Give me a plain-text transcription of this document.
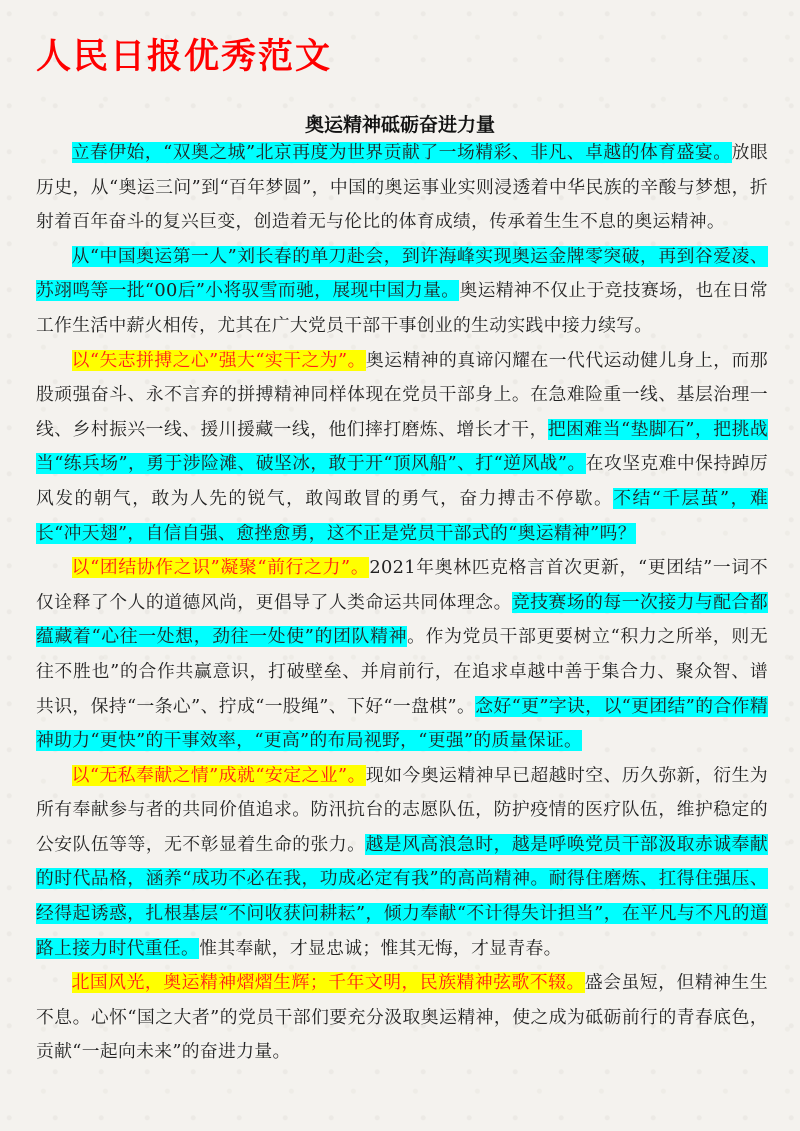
人民日报优秀范文
奥运精神砥砺奋进力量

立春伊始，“双奥之城”北京再度为世界贡献了一场精彩、非凡、卓越的体育盛宴。放眼历史，从“奥运三问”到“百年梦圆”，中国的奥运事业实则浸透着中华民族的辛酸与梦想，折射着百年奋斗的复兴巨变，创造着无与伦比的体育成绩，传承着生生不息的奥运精神。

从“中国奥运第一人”刘长春的单刀赴会，到许海峰实现奥运金牌零突破，再到谷爱凌、苏翊鸣等一批“00后”小将驭雪而驰，展现中国力量。奥运精神不仅止于竞技赛场，也在日常工作生活中薪火相传，尤其在广大党员干部干事创业的生动实践中接力续写。

以“矢志拼搏之心”强大“实干之为”。奥运精神的真谛闪耀在一代代运动健儿身上，而那股顽强奋斗、永不言弃的拼搏精神同样体现在党员干部身上。在急难险重一线、基层治理一线、乡村振兴一线、援川援藏一线，他们摔打磨炼、增长才干，把困难当“垫脚石”，把挑战当“练兵场”，勇于涉险滩、破坚冰，敢于开“顶风船”、打“逆风战”。在攻坚克难中保持踔厉风发的朝气，敢为人先的锐气，敢闯敢冒的勇气，奋力搏击不停歇。不结“千层茧”，难长“冲天翅”，自信自强、愈挫愈勇，这不正是党员干部式的“奥运精神”吗？

以“团结协作之识”凝聚“前行之力”。2021年奥林匹克格言首次更新，“更团结”一词不仅诠释了个人的道德风尚，更倡导了人类命运共同体理念。竞技赛场的每一次接力与配合都蕴藏着“心往一处想，劲往一处使”的团队精神。作为党员干部更要树立“积力之所举，则无往不胜也”的合作共赢意识，打破壁垒、并肩前行，在追求卓越中善于集合力、聚众智、谱共识，保持“一条心”、拧成“一股绳”、下好“一盘棋”。念好“更”字诀，以“更团结”的合作精神助力“更快”的干事效率，“更高”的布局视野，“更强”的质量保证。

以“无私奉献之情”成就“安定之业”。现如今奥运精神早已超越时空、历久弥新，衍生为所有奉献参与者的共同价值追求。防汛抗台的志愿队伍，防护疫情的医疗队伍，维护稳定的公安队伍等等，无不彰显着生命的张力。越是风高浪急时，越是呼唤党员干部汲取赤诚奉献的时代品格，涵养“成功不必在我，功成必定有我”的高尚精神。耐得住磨炼、扛得住强压、经得起诱惑，扎根基层“不问收获问耕耘”，倾力奉献“不计得失计担当”，在平凡与不凡的道路上接力时代重任。惟其奉献，才显忠诚；惟其无悔，才显青春。

北国风光，奥运精神熠熠生辉；千年文明，民族精神弦歌不辍。盛会虽短，但精神生生不息。心怀“国之大者”的党员干部们要充分汲取奥运精神，使之成为砥砺前行的青春底色，贡献“一起向未来”的奋进力量。
